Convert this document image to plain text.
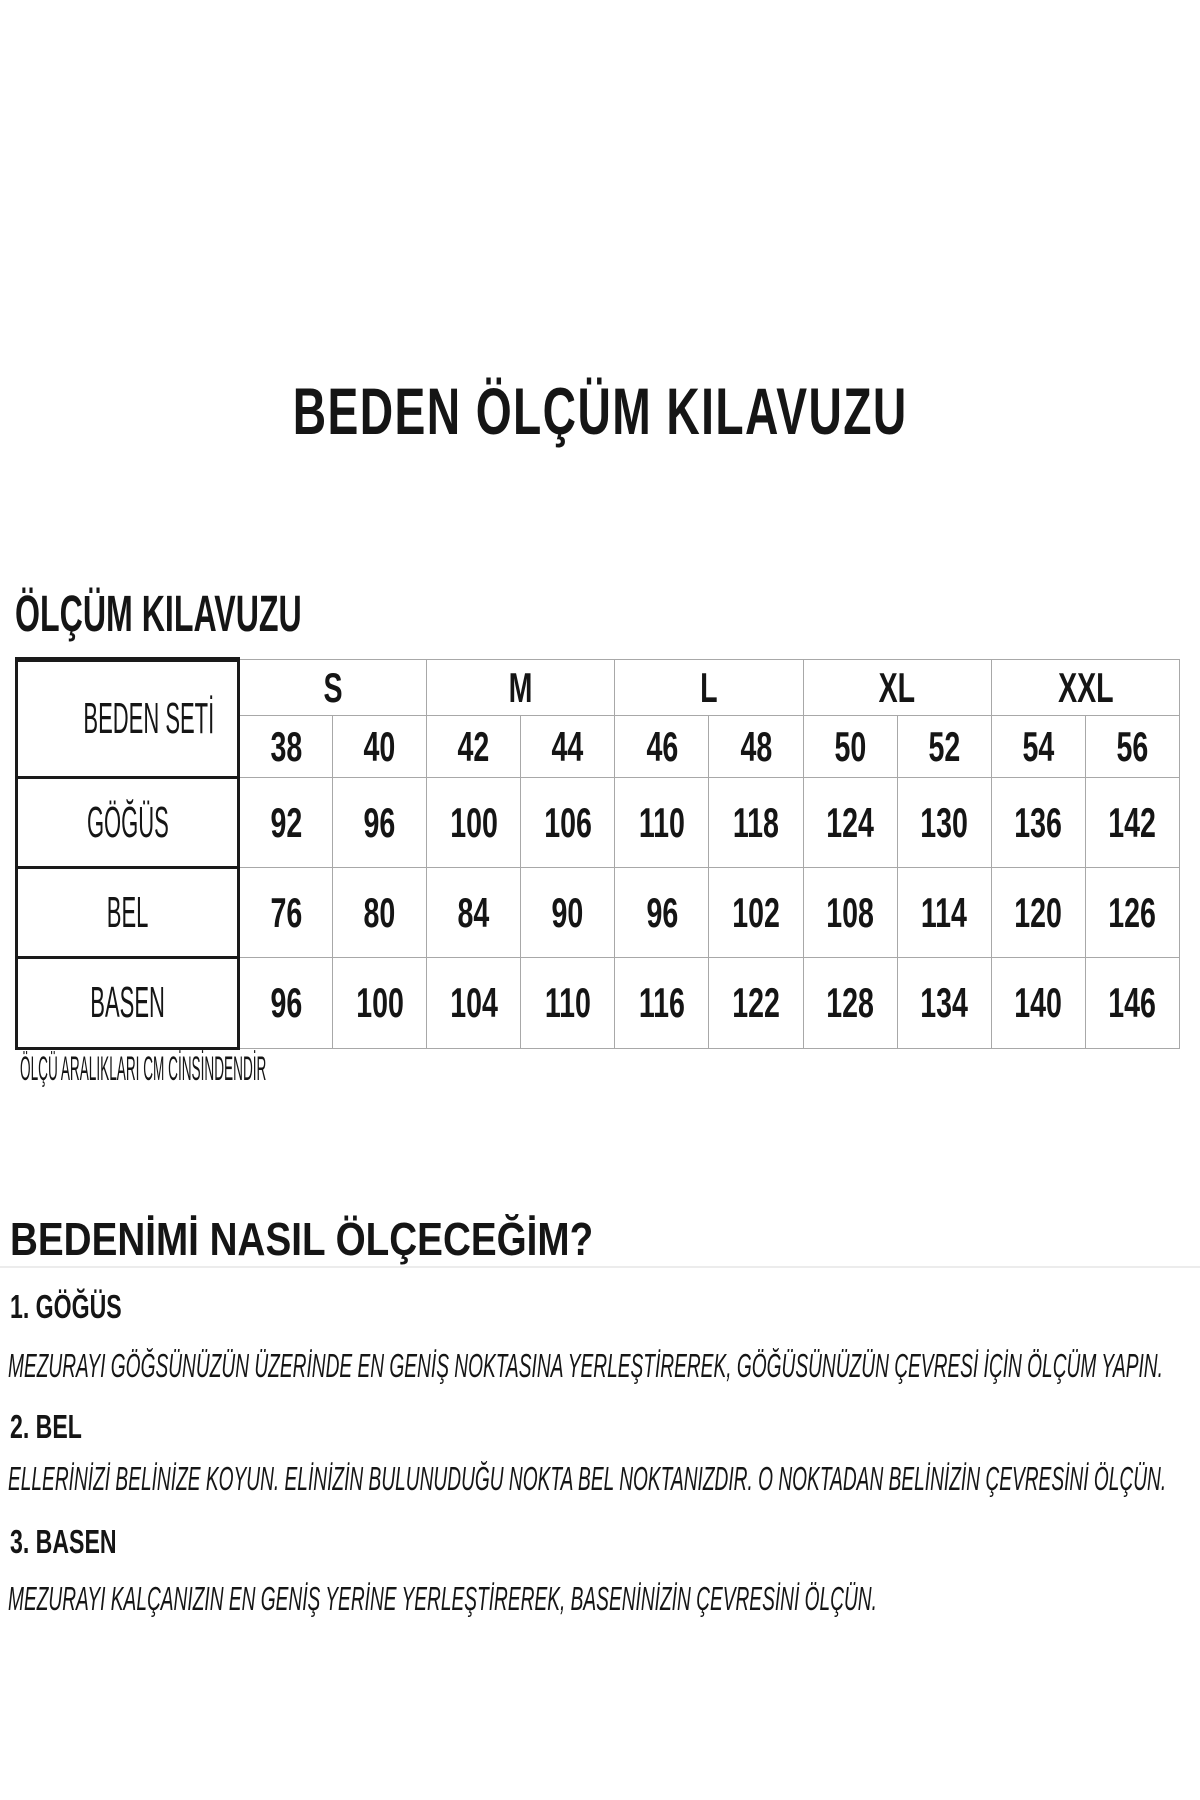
BEDEN ÖLÇÜM KILAVUZU
ÖLÇÜM KILAVUZU
BEDEN SETİ	S		M		L		XL		XXL	
	38	40	42	44	46	48	50	52	54	56
GÖĞÜS	92	96	100	106	110	118	124	130	136	142
BEL	76	80	84	90	96	102	108	114	120	126
BASEN	96	100	104	110	116	122	128	134	140	146
ÖLÇÜ ARALIKLARI CM CİNSİNDENDİR
BEDENİMİ NASIL ÖLÇECEĞİM?
1. GÖĞÜS

MEZURAYI GÖĞSÜNÜZÜN ÜZERİNDE EN GENİŞ NOKTASINA YERLEŞTİREREK, GÖĞÜSÜNÜZÜN ÇEVRESİ İÇİN ÖLÇÜM YAPIN.

2. BEL

ELLERİNİZİ BELİNİZE KOYUN. ELİNİZİN BULUNUDUĞU NOKTA BEL NOKTANIZDIR. O NOKTADAN BELİNİZİN ÇEVRESİNİ ÖLÇÜN.

3. BASEN

MEZURAYI KALÇANIZIN EN GENİŞ YERİNE YERLEŞTİREREK, BASENİNİZİN ÇEVRESİNİ ÖLÇÜN.
